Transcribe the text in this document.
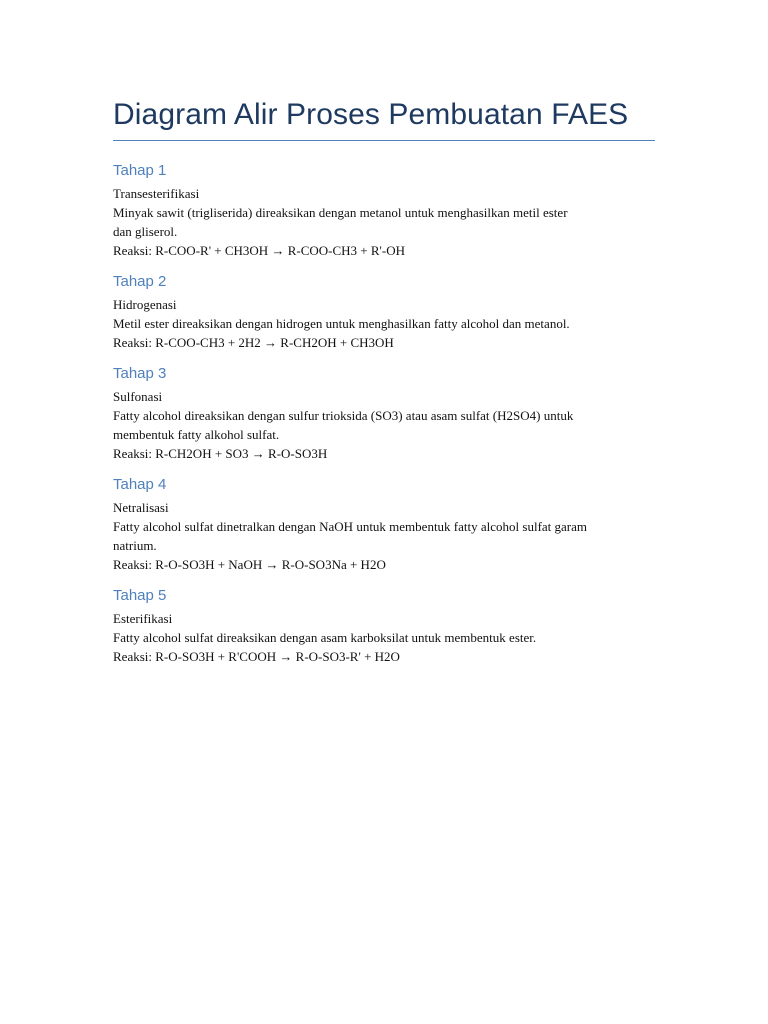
Diagram Alir Proses Pembuatan FAES

Tahap 1

Transesterifikasi

Minyak sawit (trigliserida) direaksikan dengan metanol untuk menghasilkan metil ester

dan gliserol.

Reaksi: R-COO-R' + CH3OH → R-COO-CH3 + R'-OH

Tahap 2

Hidrogenasi

Metil ester direaksikan dengan hidrogen untuk menghasilkan fatty alcohol dan metanol.

Reaksi: R-COO-CH3 + 2H2 → R-CH2OH + CH3OH

Tahap 3

Sulfonasi

Fatty alcohol direaksikan dengan sulfur trioksida (SO3) atau asam sulfat (H2SO4) untuk

membentuk fatty alkohol sulfat.

Reaksi: R-CH2OH + SO3 → R-O-SO3H

Tahap 4

Netralisasi

Fatty alcohol sulfat dinetralkan dengan NaOH untuk membentuk fatty alcohol sulfat garam

natrium.

Reaksi: R-O-SO3H + NaOH → R-O-SO3Na + H2O

Tahap 5

Esterifikasi

Fatty alcohol sulfat direaksikan dengan asam karboksilat untuk membentuk ester.

Reaksi: R-O-SO3H + R'COOH → R-O-SO3-R' + H2O
